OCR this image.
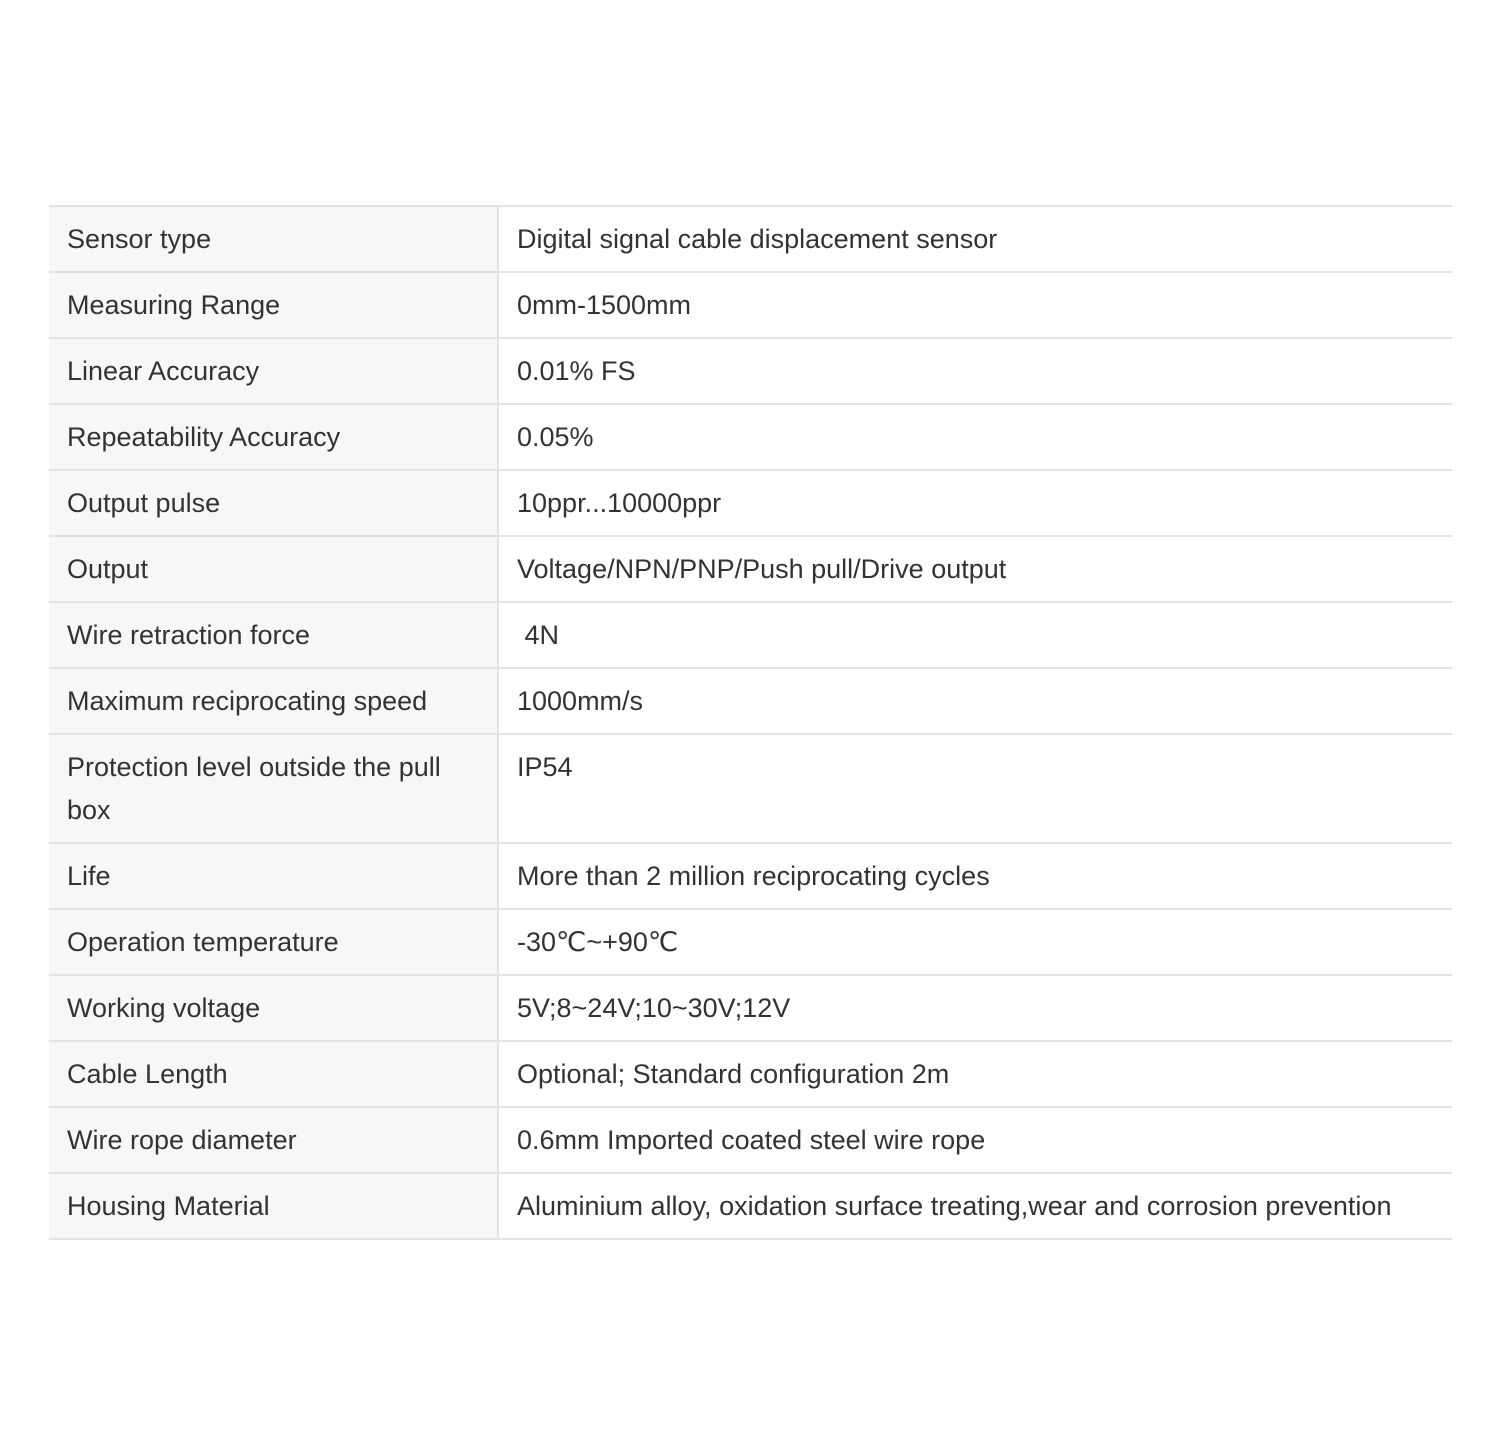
Sensor type	Digital signal cable displacement sensor
Measuring Range	0mm-1500mm
Linear Accuracy	0.01% FS
Repeatability Accuracy	0.05%
Output pulse	10ppr...10000ppr
Output	Voltage/NPN/PNP/Push pull/Drive output
Wire retraction force	4N
Maximum reciprocating speed	1000mm/s
Protection level outside the pull box	IP54
Life	More than 2 million reciprocating cycles
Operation temperature	-30℃~+90℃
Working voltage	5V;8~24V;10~30V;12V
Cable Length	Optional; Standard configuration 2m
Wire rope diameter	0.6mm Imported coated steel wire rope
Housing Material	Aluminium alloy, oxidation surface treating,wear and corrosion prevention
